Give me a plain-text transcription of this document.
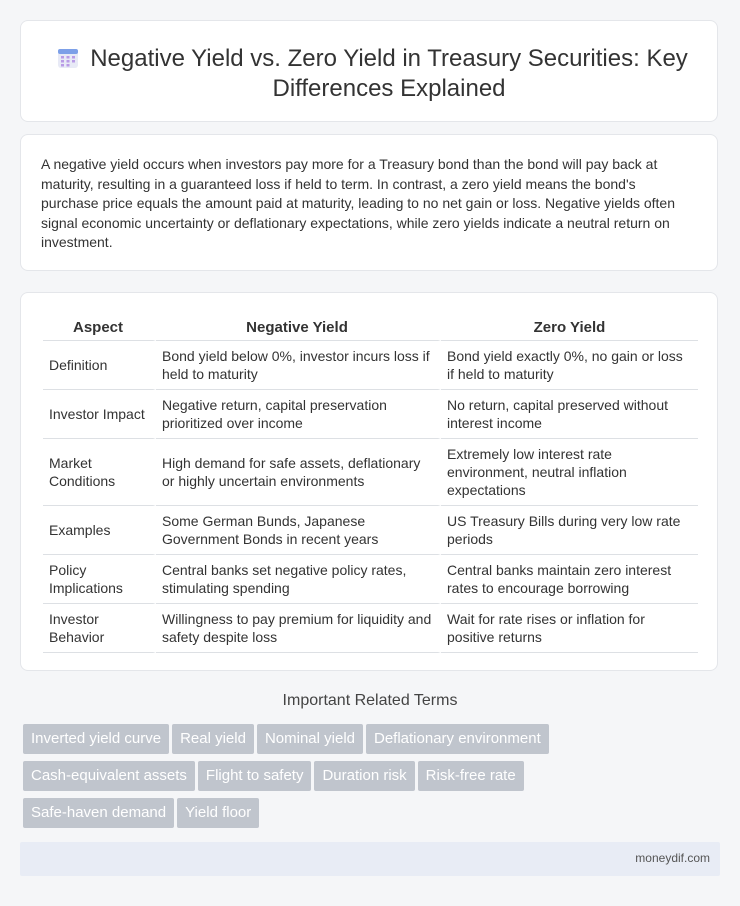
Negative Yield vs. Zero Yield in Treasury Securities: Key Differences Explained

A negative yield occurs when investors pay more for a Treasury bond than the bond will pay back at maturity, resulting in a guaranteed loss if held to term. In contrast, a zero yield means the bond's purchase price equals the amount paid at maturity, leading to no net gain or loss. Negative yields often signal economic uncertainty or deflationary expectations, while zero yields indicate a neutral return on investment.

Aspect	Negative Yield	Zero Yield
Definition	Bond yield below 0%, investor incurs loss if held to maturity	Bond yield exactly 0%, no gain or loss if held to maturity
Investor Impact	Negative return, capital preservation prioritized over income	No return, capital preserved without interest income
Market Conditions	High demand for safe assets, deflationary or highly uncertain environments	Extremely low interest rate environment, neutral inflation expectations
Examples	Some German Bunds, Japanese Government Bonds in recent years	US Treasury Bills during very low rate periods
Policy Implications	Central banks set negative policy rates, stimulating spending	Central banks maintain zero interest rates to encourage borrowing
Investor Behavior	Willingness to pay premium for liquidity and safety despite loss	Wait for rate rises or inflation for positive returns
Important Related Terms
Inverted yield curve Real yield Nominal yield Deflationary environment
Cash-equivalent assets Flight to safety Duration risk Risk-free rate
Safe-haven demand Yield floor
moneydif.com
